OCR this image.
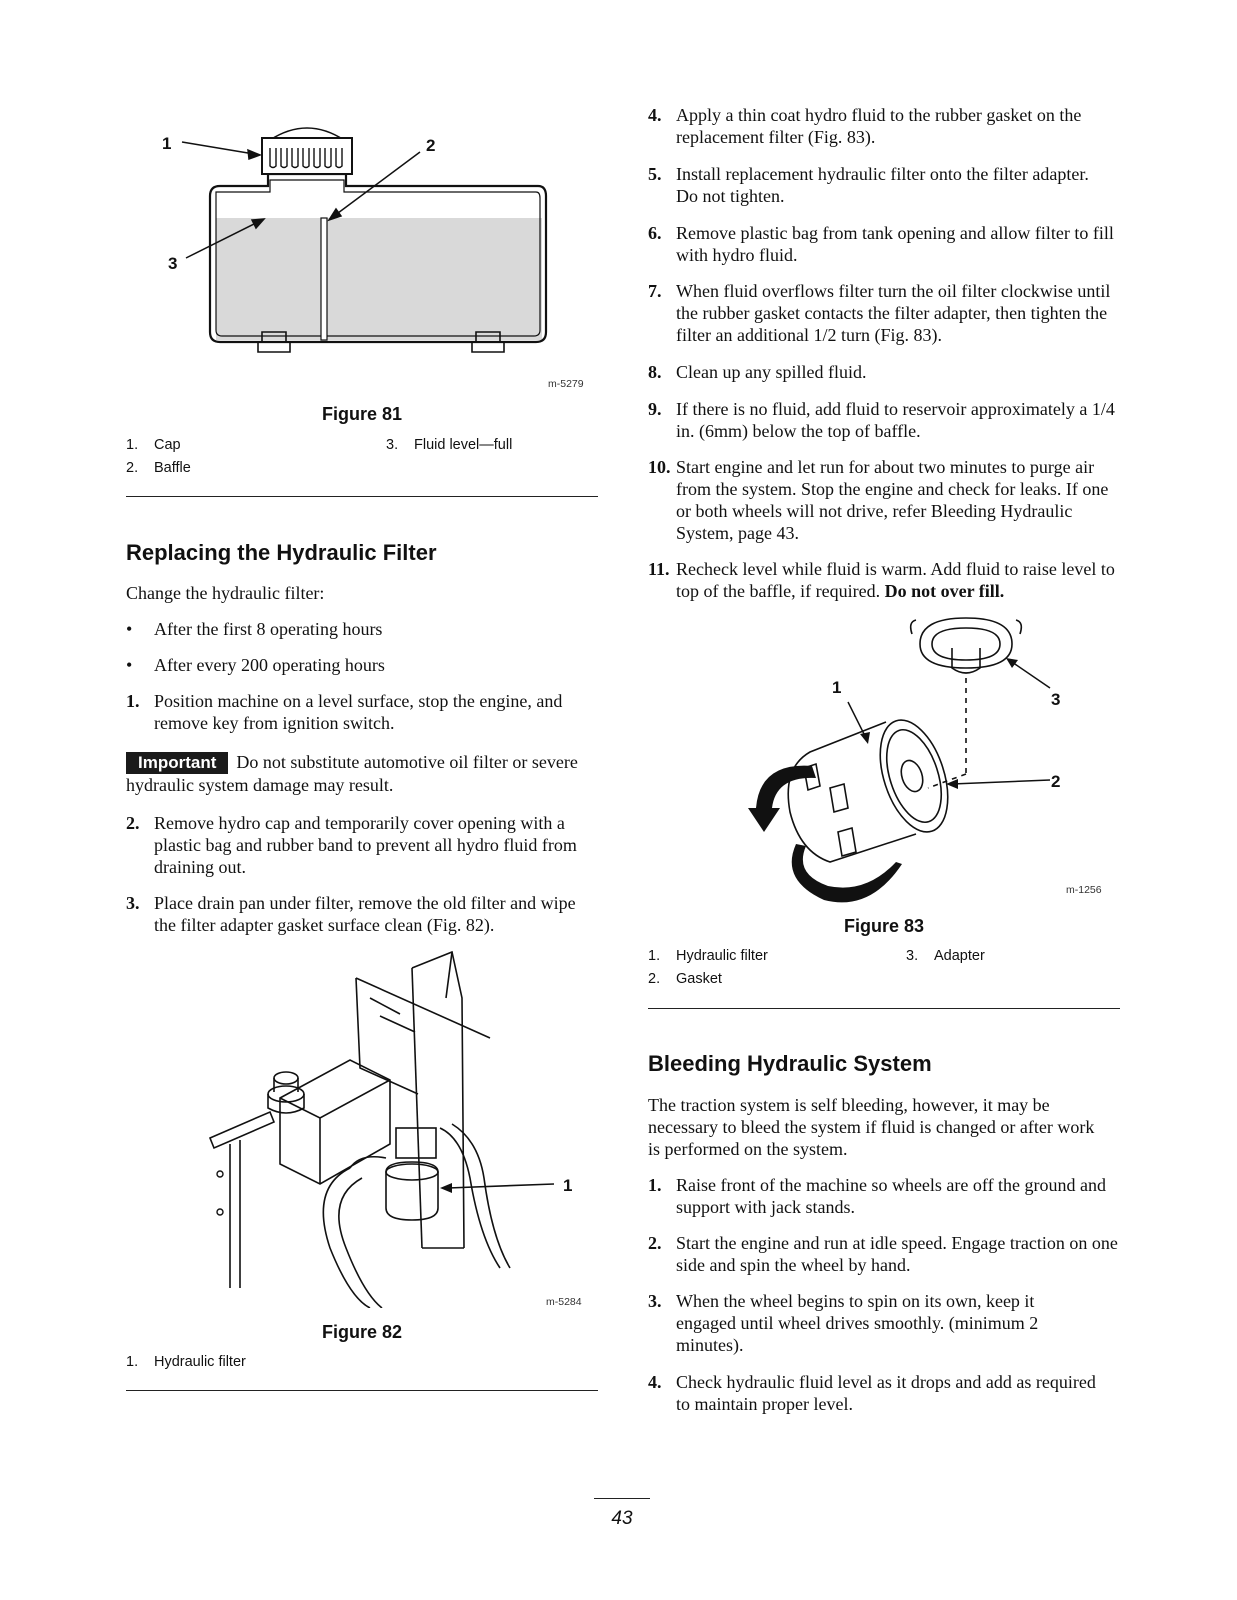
1	2
3
m-5279
Figure 81
1.	Cap
2.	Baffle
3.	Fluid level—full
Replacing the Hydraulic Filter
Change the hydraulic filter:
• After the first 8 operating hours
• After every 200 operating hours
1. Position machine on a level surface, stop the engine, and remove key from ignition switch.
Important Do not substitute automotive oil filter or severe hydraulic system damage may result.
2. Remove hydro cap and temporarily cover opening with a plastic bag and rubber band to prevent all hydro fluid from draining out.
3. Place drain pan under filter, remove the old filter and wipe the filter adapter gasket surface clean (Fig. 82).
1
m-5284
Figure 82
1.	Hydraulic filter
4. Apply a thin coat hydro fluid to the rubber gasket on the replacement filter (Fig. 83).
5. Install replacement hydraulic filter onto the filter adapter. Do not tighten.
6. Remove plastic bag from tank opening and allow filter to fill with hydro fluid.
7. When fluid overflows filter turn the oil filter clockwise until the rubber gasket contacts the filter adapter, then tighten the filter an additional 1/2 turn (Fig. 83).
8. Clean up any spilled fluid.
9. If there is no fluid, add fluid to reservoir approximately a 1/4 in. (6mm) below the top of baffle.
10. Start engine and let run for about two minutes to purge air from the system. Stop the engine and check for leaks. If one or both wheels will not drive, refer Bleeding Hydraulic System, page 43.
11. Recheck level while fluid is warm. Add fluid to raise level to top of the baffle, if required. Do not over fill.
1
3
2
m-1256
Figure 83
1.	Hydraulic filter
2.	Gasket
3.	Adapter
Bleeding Hydraulic System
The traction system is self bleeding, however, it may be necessary to bleed the system if fluid is changed or after work is performed on the system.
1. Raise front of the machine so wheels are off the ground and support with jack stands.
2. Start the engine and run at idle speed. Engage traction on one side and spin the wheel by hand.
3. When the wheel begins to spin on its own, keep it engaged until wheel drives smoothly. (minimum 2 minutes).
4. Check hydraulic fluid level as it drops and add as required to maintain proper level.
43
